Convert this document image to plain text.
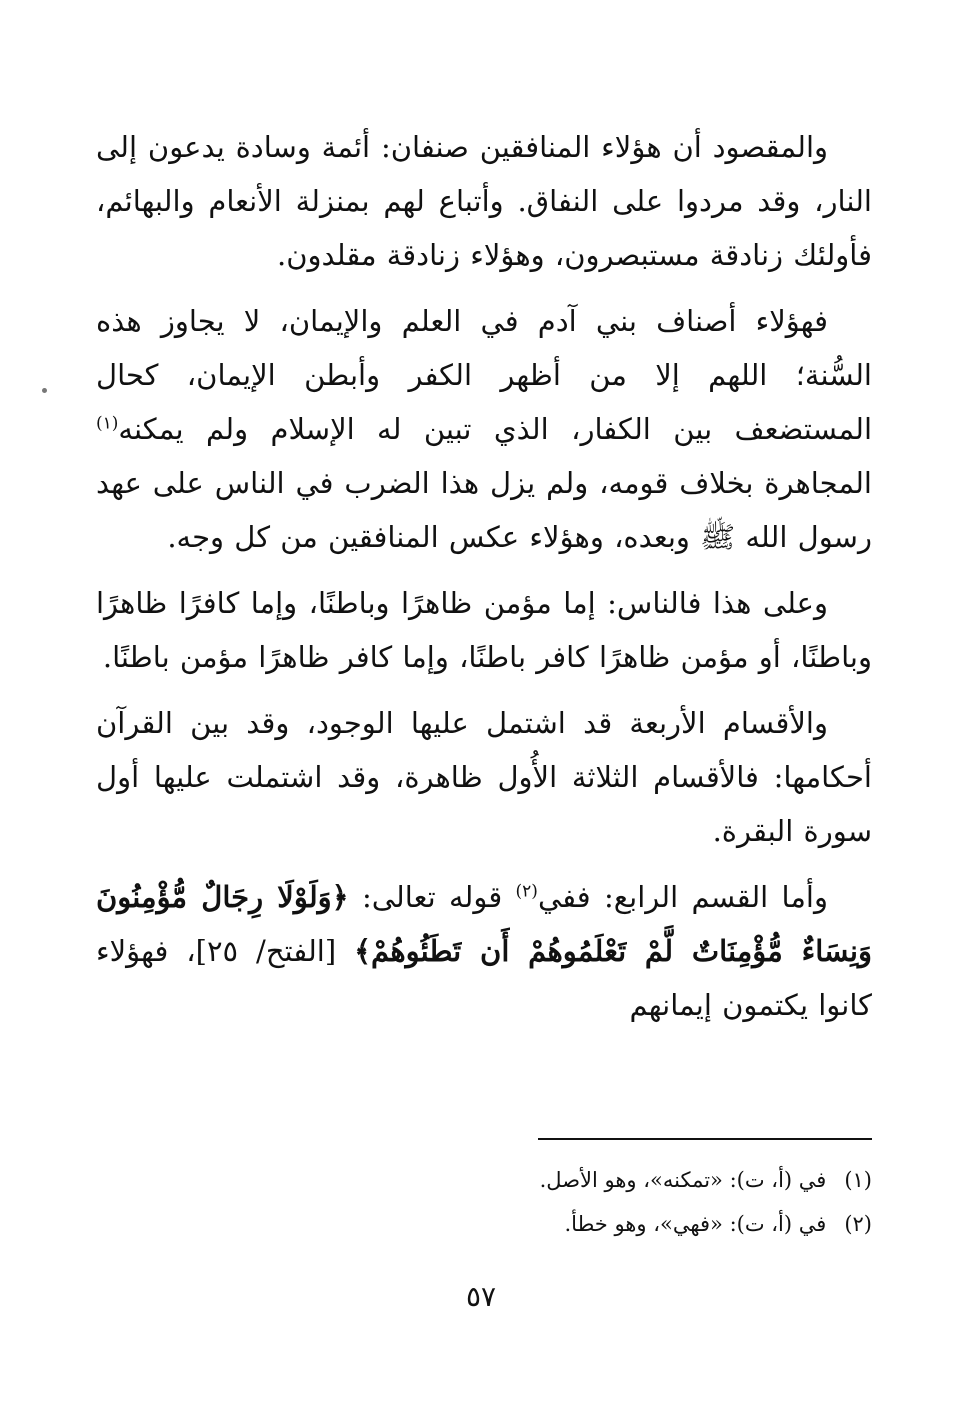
والمقصود أن هؤلاء المنافقين صنفان: أئمة وسادة يدعون إلى النار، وقد مردوا على النفاق. وأتباع لهم بمنزلة الأنعام والبهائم، فأولئك زنادقة مستبصرون، وهؤلاء زنادقة مقلدون.

فهؤلاء أصناف بني آدم في العلم والإيمان، لا يجاوز هذه السُّنة؛ اللهم إلا من أظهر الكفر وأبطن الإيمان، كحال المستضعف بين الكفار، الذي تبين له الإسلام ولم يمكنه$^{(١)}$ المجاهرة بخلاف قومه، ولم يزل هذا الضرب في الناس على عهد رسول الله ﷺ وبعده، وهؤلاء عكس المنافقين من كل وجه.

وعلى هذا فالناس: إما مؤمن ظاهرًا وباطنًا، وإما كافرًا ظاهرًا وباطنًا، أو مؤمن ظاهرًا كافر باطنًا، وإما كافر ظاهرًا مؤمن باطنًا.

والأقسام الأربعة قد اشتمل عليها الوجود، وقد بين القرآن أحكامها: فالأقسام الثلاثة الأُول ظاهرة، وقد اشتملت عليها أول سورة البقرة.

وأما القسم الرابع: ففي$^{(٢)}$ قوله تعالى: ﴿وَلَوْلَا رِجَالٌ مُّؤْمِنُونَ وَنِسَاءٌ مُّؤْمِنَاتٌ لَّمْ تَعْلَمُوهُمْ أَن تَطَئُوهُمْ﴾ [الفتح/ ٢٥]، فهؤلاء كانوا يكتمون إيمانهم

(١)في (أ، ت): «تمكنه»، وهو الأصل.
(٢)في (أ، ت): «فهي»، وهو خطأ.
٥٧
